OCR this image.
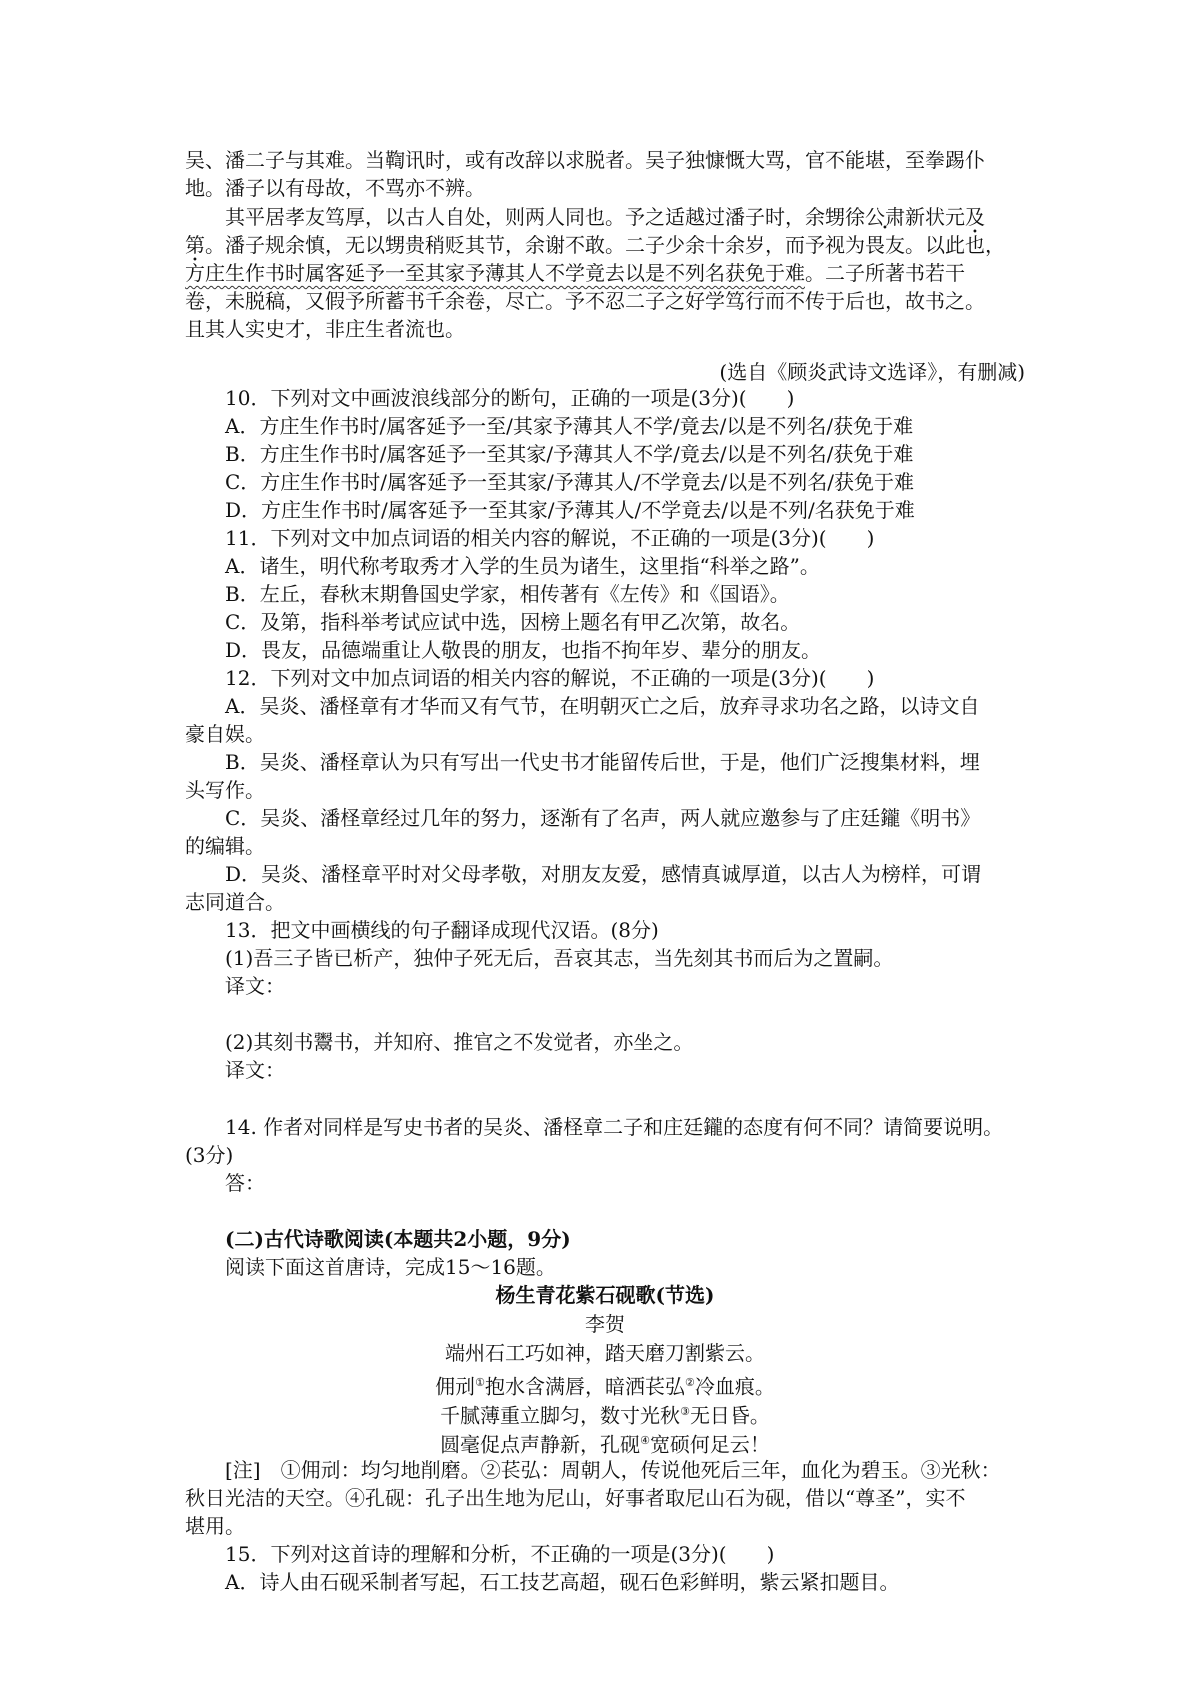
吴、潘二子与其难。当鞫讯时，或有改辞以求脱者。吴子独慷慨大骂，官不能堪，至拳踢仆
地。潘子以有母故，不骂亦不辨。
其平居孝友笃厚，以古人自处，则两人同也。予之适越过潘子时，余甥徐公肃新状元及
第。潘子规余慎，无以甥贵稍贬其节，余谢不敢。二子少余十余岁，而予视为畏友。以此也，
方庄生作书时属客延予一至其家予薄其人不学竟去以是不列名获免于难。二子所著书若干
卷，未脱稿，又假予所蓄书千余卷，尽亡。予不忍二子之好学笃行而不传于后也，故书之。
且其人实史才，非庄生者流也。
(选自《顾炎武诗文选译》，有删减)
10．下列对文中画波浪线部分的断句，正确的一项是(3分)(　　)
A．方庄生作书时/属客延予一至/其家予薄其人不学/竟去/以是不列名/获免于难
B．方庄生作书时/属客延予一至其家/予薄其人不学/竟去/以是不列名/获免于难
C．方庄生作书时/属客延予一至其家/予薄其人/不学竟去/以是不列名/获免于难
D．方庄生作书时/属客延予一至其家/予薄其人/不学竟去/以是不列/名获免于难
11．下列对文中加点词语的相关内容的解说，不正确的一项是(3分)(　　)
A．诸生，明代称考取秀才入学的生员为诸生，这里指“科举之路”。
B．左丘，春秋末期鲁国史学家，相传著有《左传》和《国语》。
C．及第，指科举考试应试中选，因榜上题名有甲乙次第，故名。
D．畏友，品德端重让人敬畏的朋友，也指不拘年岁、辈分的朋友。
12．下列对文中加点词语的相关内容的解说，不正确的一项是(3分)(　　)
A．吴炎、潘柽章有才华而又有气节，在明朝灭亡之后，放弃寻求功名之路，以诗文自
豪自娱。
B．吴炎、潘柽章认为只有写出一代史书才能留传后世，于是，他们广泛搜集材料，埋
头写作。
C．吴炎、潘柽章经过几年的努力，逐渐有了名声，两人就应邀参与了庄廷鑨《明书》
的编辑。
D．吴炎、潘柽章平时对父母孝敬，对朋友友爱，感情真诚厚道，以古人为榜样，可谓
志同道合。
13．把文中画横线的句子翻译成现代汉语。(8分)
(1)吾三子皆已析产，独仲子死无后，吾哀其志，当先刻其书而后为之置嗣。
译文：
(2)其刻书鬻书，并知府、推官之不发觉者，亦坐之。
译文：
14. 作者对同样是写史书者的吴炎、潘柽章二子和庄廷鑨的态度有何不同？请简要说明。
(3分)
答：
(二)古代诗歌阅读(本题共2小题，9分)
阅读下面这首唐诗，完成15～16题。
杨生青花紫石砚歌(节选)
李贺
端州石工巧如神，踏天磨刀割紫云。
佣刓①抱水含满唇，暗洒苌弘②冷血痕。
千腻薄重立脚匀，数寸光秋③无日昏。
圆毫促点声静新，孔砚④宽硕何足云！
[注]　①佣刓：均匀地削磨。②苌弘：周朝人，传说他死后三年，血化为碧玉。③光秋：
秋日光洁的天空。④孔砚：孔子出生地为尼山，好事者取尼山石为砚，借以“尊圣”，实不
堪用。
15．下列对这首诗的理解和分析，不正确的一项是(3分)(　　)
A．诗人由石砚采制者写起，石工技艺高超，砚石色彩鲜明，紫云紧扣题目。
